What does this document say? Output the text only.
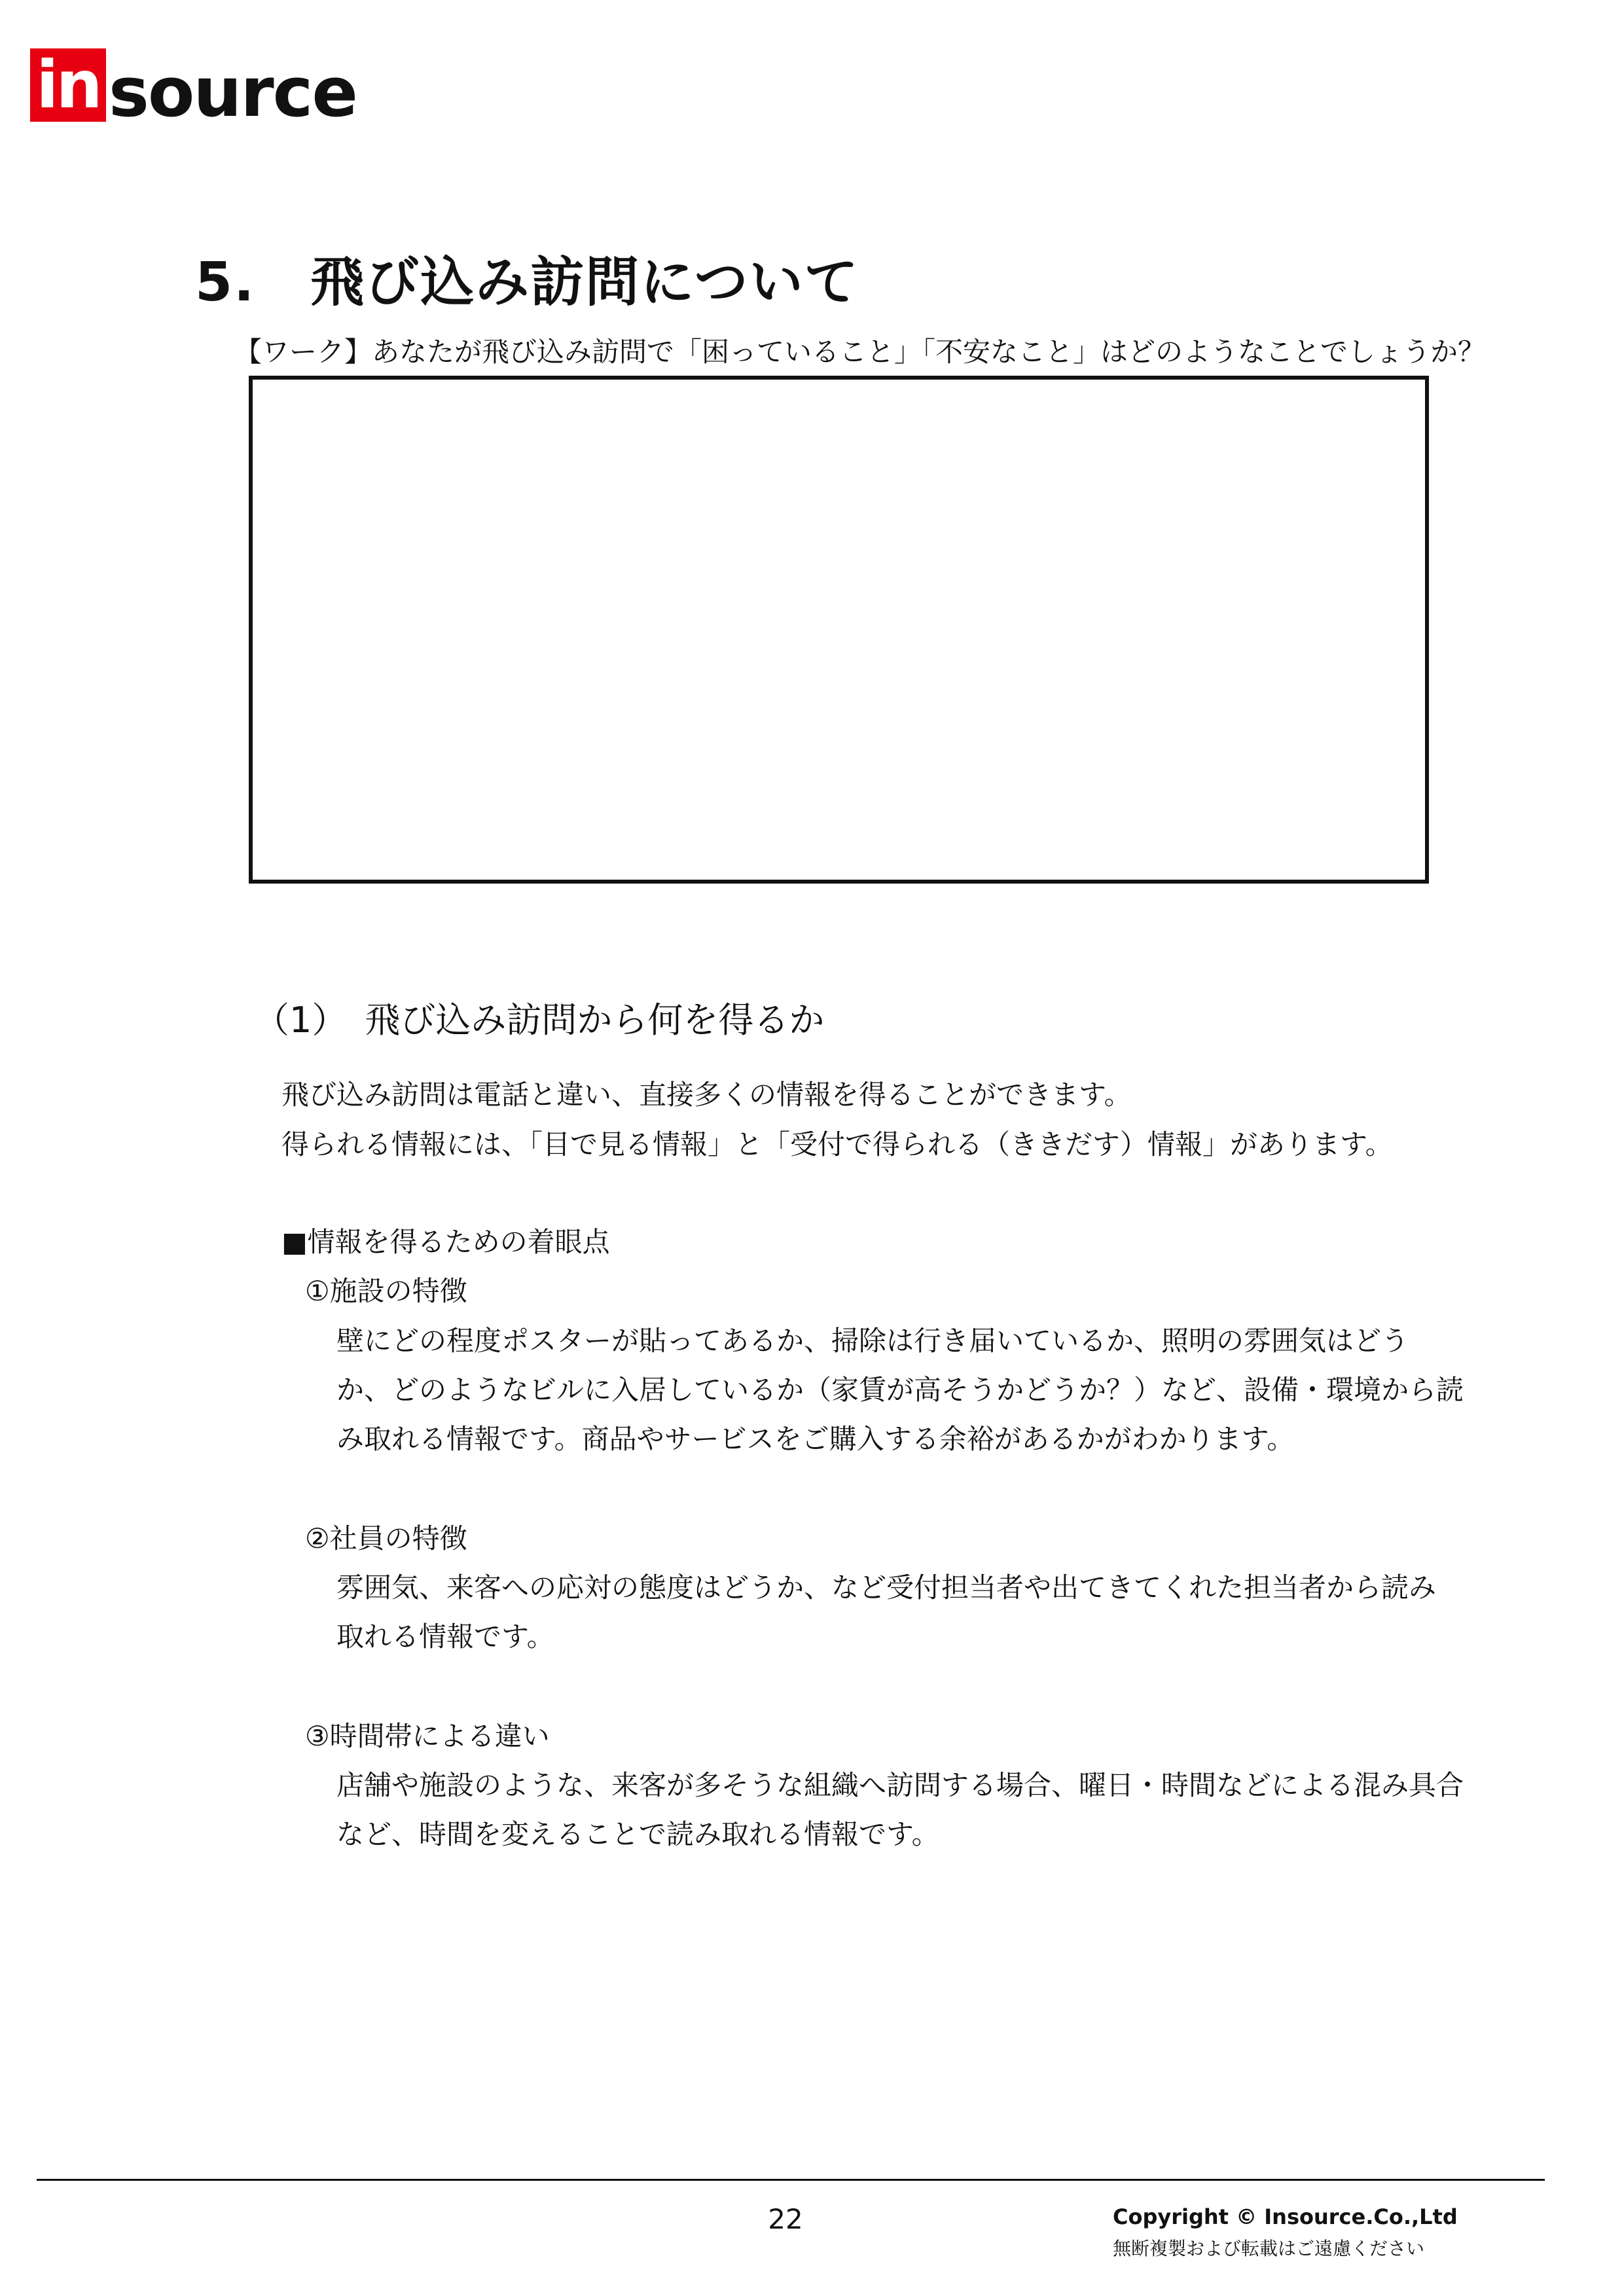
in source
5.　飛び込み訪問について
【ワーク】あなたが飛び込み訪問で「困っていること」「不安なこと」はどのようなことでしょうか？
（1）　飛び込み訪問から何を得るか
飛び込み訪問は電話と違い、直接多くの情報を得ることができます。
得られる情報には、「目で見る情報」と「受付で得られる（ききだす）情報」があります。
■情報を得るための着眼点
①施設の特徴
壁にどの程度ポスターが貼ってあるか、掃除は行き届いているか、照明の雰囲気はどう
か、どのようなビルに入居しているか（家賃が高そうかどうか？）など、設備・環境から読
み取れる情報です。商品やサービスをご購入する余裕があるかがわかります。
②社員の特徴
雰囲気、来客への応対の態度はどうか、など受付担当者や出てきてくれた担当者から読み
取れる情報です。
③時間帯による違い
店舗や施設のような、来客が多そうな組織へ訪問する場合、曜日・時間などによる混み具合
など、時間を変えることで読み取れる情報です。
22	Copyright © Insource.Co.,Ltd
無断複製および転載はご遠慮ください
